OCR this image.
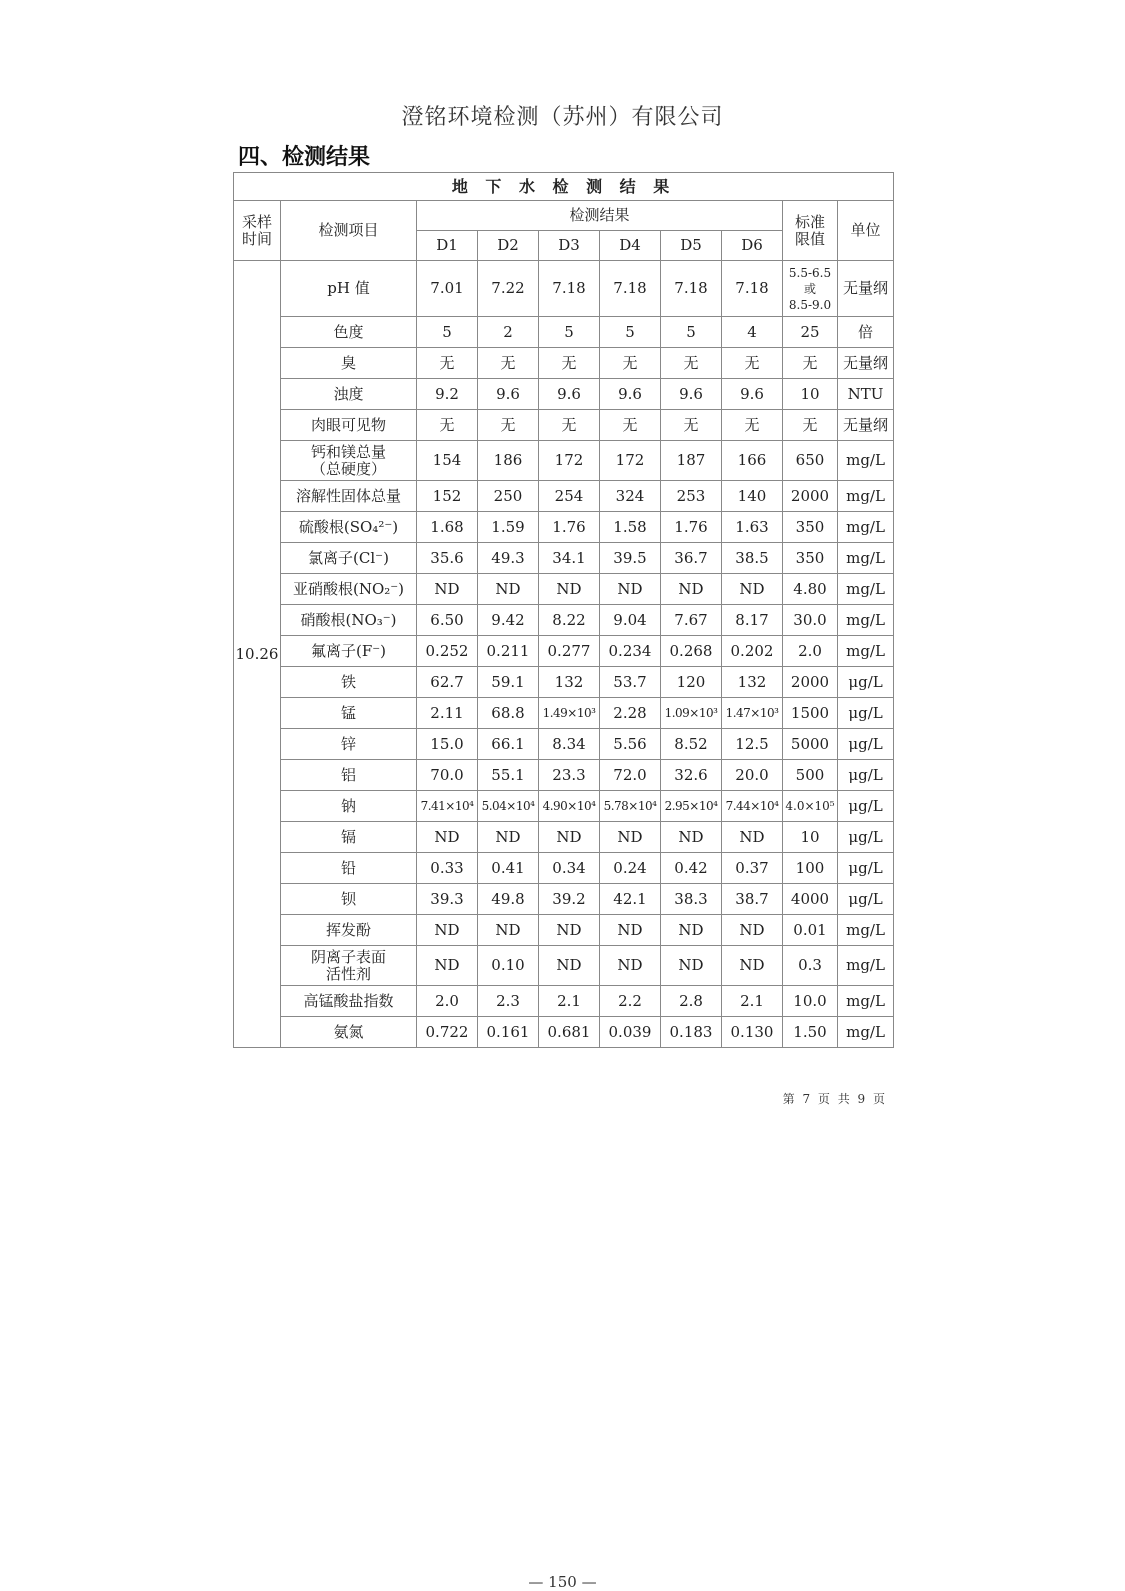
澄铭环境检测（苏州）有限公司
四、检测结果
地 下 水 检 测 结 果									
采样
时间	检测项目	检测结果						标准
限值	单位
		D1	D2	D3	D4	D5	D6		
10.26	pH 值	7.01	7.22	7.18	7.18	7.18	7.18	5.5-6.5
或
8.5-9.0	无量纲
	色度	5	2	5	5	5	4	25	倍
	臭	无	无	无	无	无	无	无	无量纲
	浊度	9.2	9.6	9.6	9.6	9.6	9.6	10	NTU
	肉眼可见物	无	无	无	无	无	无	无	无量纲
	钙和镁总量
（总硬度）	154	186	172	172	187	166	650	mg/L
	溶解性固体总量	152	250	254	324	253	140	2000	mg/L
	硫酸根(SO₄²⁻)	1.68	1.59	1.76	1.58	1.76	1.63	350	mg/L
	氯离子(Cl⁻)	35.6	49.3	34.1	39.5	36.7	38.5	350	mg/L
	亚硝酸根(NO₂⁻)	ND	ND	ND	ND	ND	ND	4.80	mg/L
	硝酸根(NO₃⁻)	6.50	9.42	8.22	9.04	7.67	8.17	30.0	mg/L
	氟离子(F⁻)	0.252	0.211	0.277	0.234	0.268	0.202	2.0	mg/L
	铁	62.7	59.1	132	53.7	120	132	2000	μg/L
	锰	2.11	68.8	1.49×10³	2.28	1.09×10³	1.47×10³	1500	μg/L
	锌	15.0	66.1	8.34	5.56	8.52	12.5	5000	μg/L
	铝	70.0	55.1	23.3	72.0	32.6	20.0	500	μg/L
	钠	7.41×10⁴	5.04×10⁴	4.90×10⁴	5.78×10⁴	2.95×10⁴	7.44×10⁴	4.0×10⁵	μg/L
	镉	ND	ND	ND	ND	ND	ND	10	μg/L
	铅	0.33	0.41	0.34	0.24	0.42	0.37	100	μg/L
	钡	39.3	49.8	39.2	42.1	38.3	38.7	4000	μg/L
	挥发酚	ND	ND	ND	ND	ND	ND	0.01	mg/L
	阴离子表面
活性剂	ND	0.10	ND	ND	ND	ND	0.3	mg/L
	高锰酸盐指数	2.0	2.3	2.1	2.2	2.8	2.1	10.0	mg/L
	氨氮	0.722	0.161	0.681	0.039	0.183	0.130	1.50	mg/L
第 7 页 共 9 页
— 150 —
